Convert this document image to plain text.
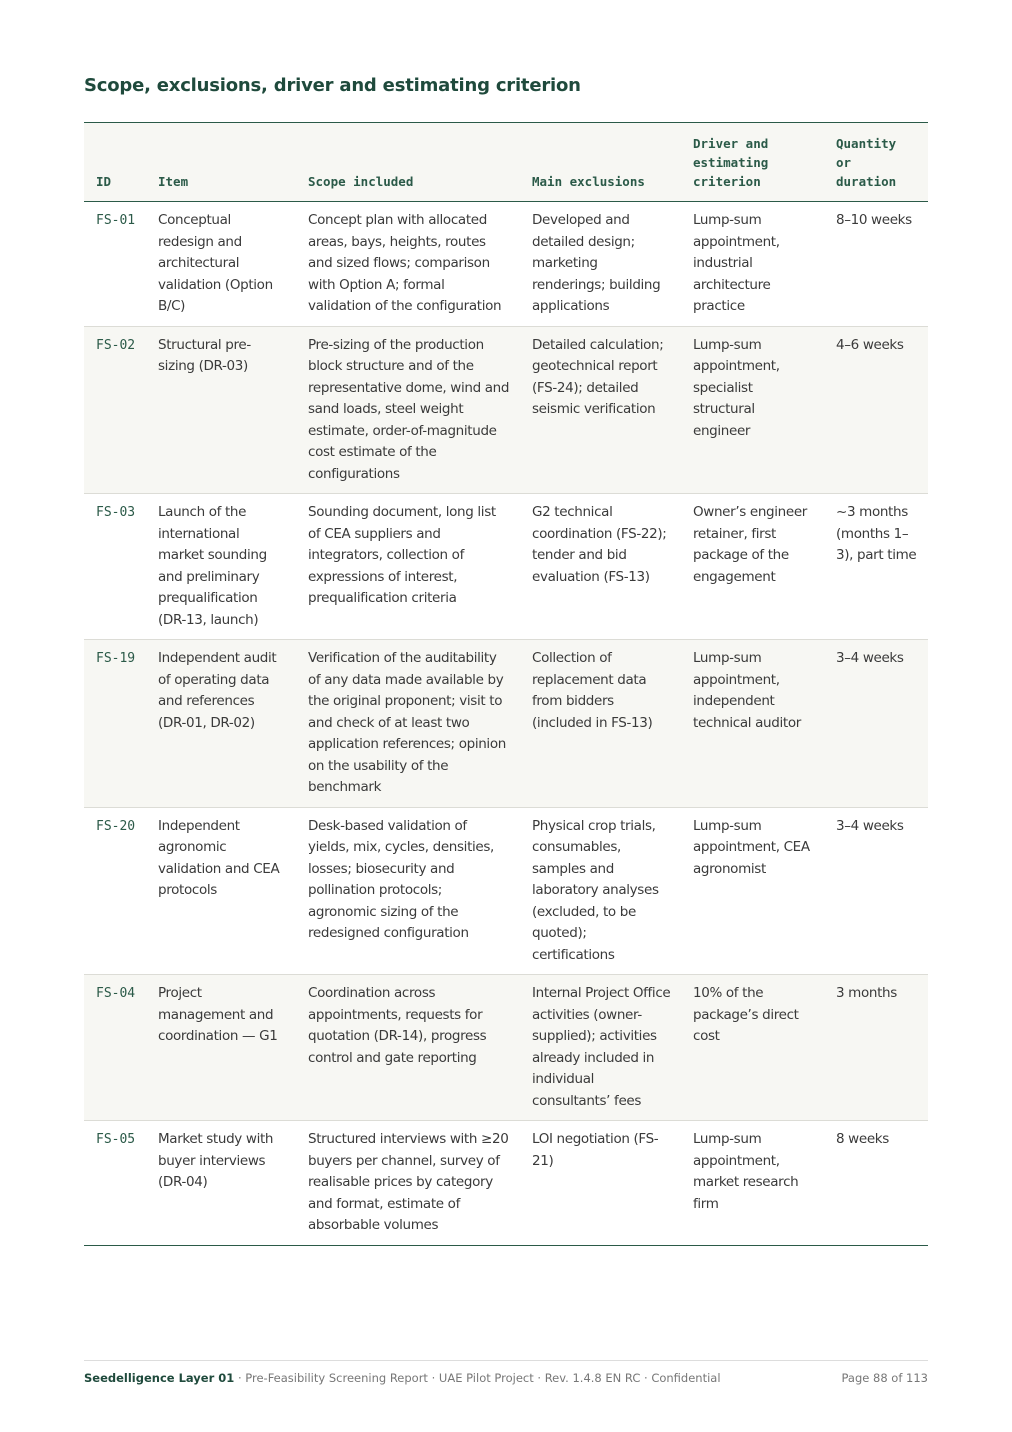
Scope, exclusions, driver and estimating criterion
ID	Item	Scope included	Main exclusions	Driver and estimating criterion	Quantity or duration
FS-01	Conceptual redesign and architectural validation (Option B/C)	Concept plan with allocated areas, bays, heights, routes and sized flows; comparison with Option A; formal validation of the configuration	Developed and detailed design; marketing renderings; building applications	Lump-sum appointment, industrial architecture practice	8–10 weeks
FS-02	Structural pre-sizing (DR-03)	Pre-sizing of the production block structure and of the representative dome, wind and sand loads, steel weight estimate, order-of-magnitude cost estimate of the configurations	Detailed calculation; geotechnical report (FS-24); detailed seismic verification	Lump-sum appointment, specialist structural engineer	4–6 weeks
FS-03	Launch of the international market sounding and preliminary prequalification (DR-13, launch)	Sounding document, long list of CEA suppliers and integrators, collection of expressions of interest, prequalification criteria	G2 technical coordination (FS-22); tender and bid evaluation (FS-13)	Owner’s engineer retainer, first package of the engagement	~3 months (months 1–3), part time
FS-19	Independent audit of operating data and references (DR-01, DR-02)	Verification of the auditability of any data made available by the original proponent; visit to and check of at least two application references; opinion on the usability of the benchmark	Collection of replacement data from bidders (included in FS-13)	Lump-sum appointment, independent technical auditor	3–4 weeks
FS-20	Independent agronomic validation and CEA protocols	Desk-based validation of yields, mix, cycles, densities, losses; biosecurity and pollination protocols; agronomic sizing of the redesigned configuration	Physical crop trials, consumables, samples and laboratory analyses (excluded, to be quoted); certifications	Lump-sum appointment, CEA agronomist	3–4 weeks
FS-04	Project management and coordination — G1	Coordination across appointments, requests for quotation (DR-14), progress control and gate reporting	Internal Project Office activities (owner-supplied); activities already included in individual consultants’ fees	10% of the package’s direct cost	3 months
FS-05	Market study with buyer interviews (DR-04)	Structured interviews with ≥20 buyers per channel, survey of realisable prices by category and format, estimate of absorbable volumes	LOI negotiation (FS-21)	Lump-sum appointment, market research firm	8 weeks
Seedelligence Layer 01 · Pre-Feasibility Screening Report · UAE Pilot Project · Rev. 1.4.8 EN RC · Confidential	Page 88 of 113
